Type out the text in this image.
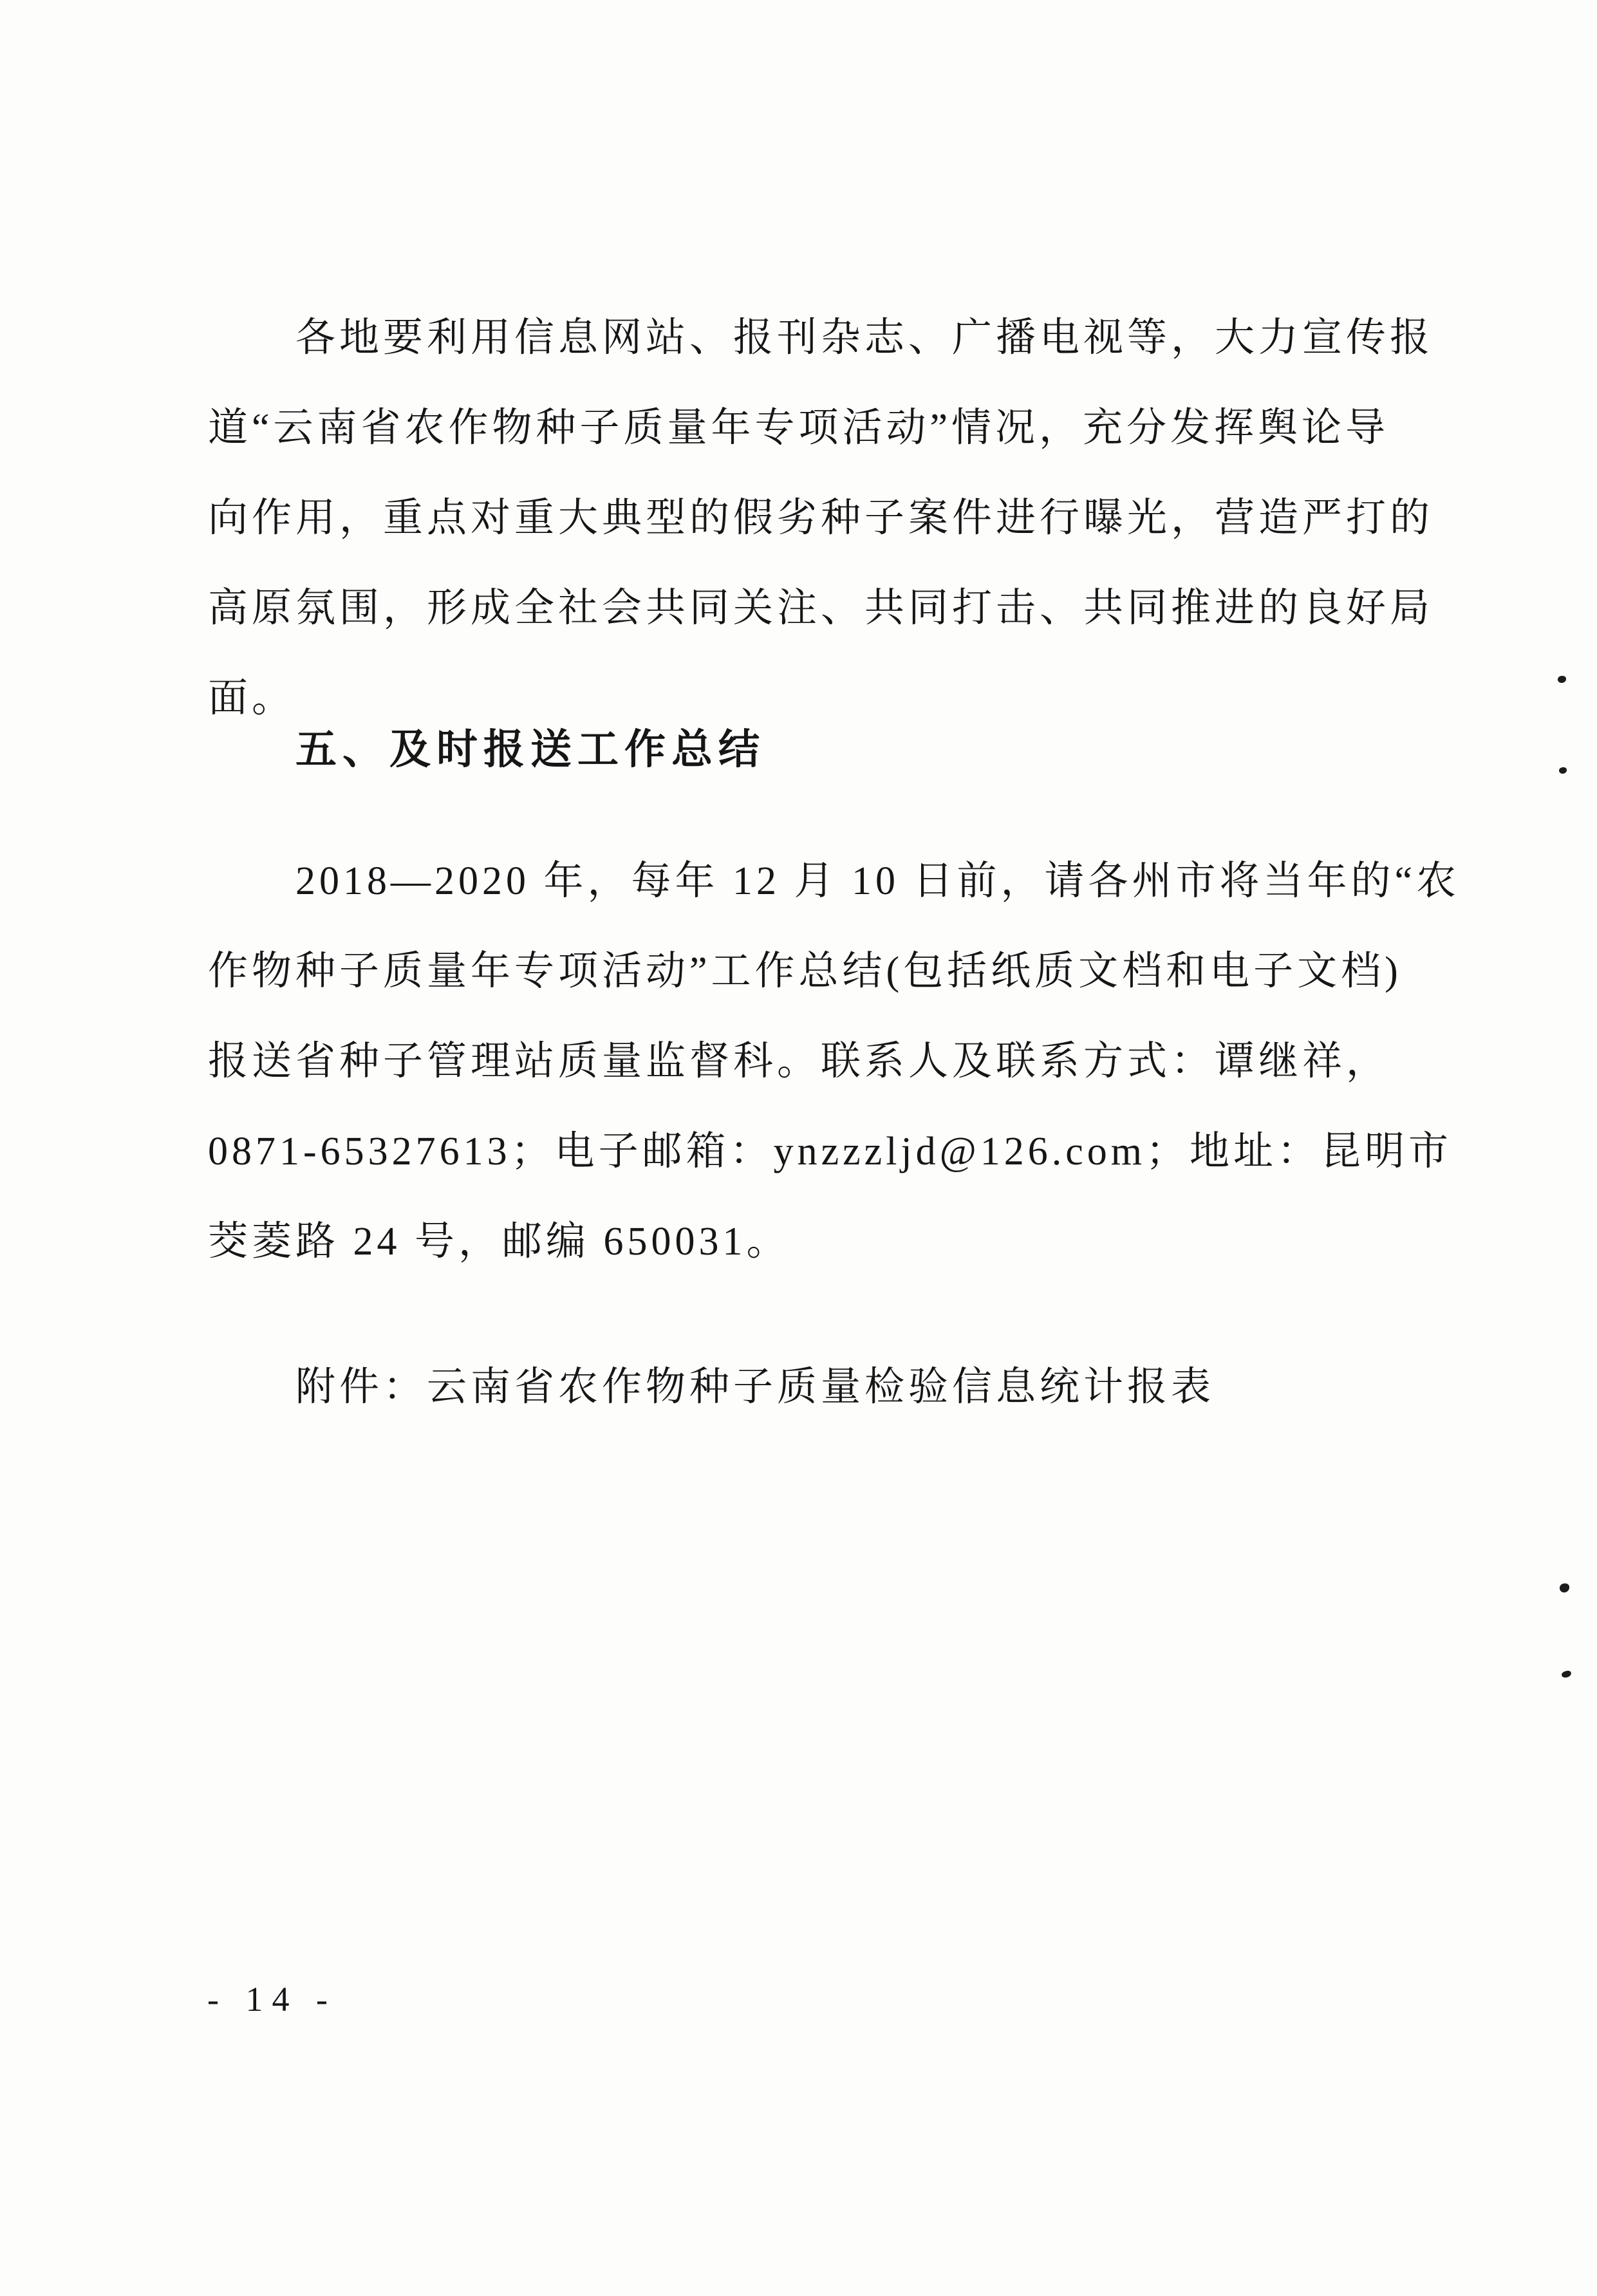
各地要利用信息网站、报刊杂志、广播电视等，大力宣传报

道“云南省农作物种子质量年专项活动”情况，充分发挥舆论导

向作用，重点对重大典型的假劣种子案件进行曝光，营造严打的

高原氛围，形成全社会共同关注、共同打击、共同推进的良好局

面。

五、及时报送工作总结

2018—2020 年，每年 12 月 10 日前，请各州市将当年的“农

作物种子质量年专项活动”工作总结(包括纸质文档和电子文档)

报送省种子管理站质量监督科。联系人及联系方式：谭继祥，

0871-65327613；电子邮箱：ynzzzljd@126.com；地址：昆明市

茭菱路 24 号，邮编 650031。

附件：云南省农作物种子质量检验信息统计报表

- 14 -
